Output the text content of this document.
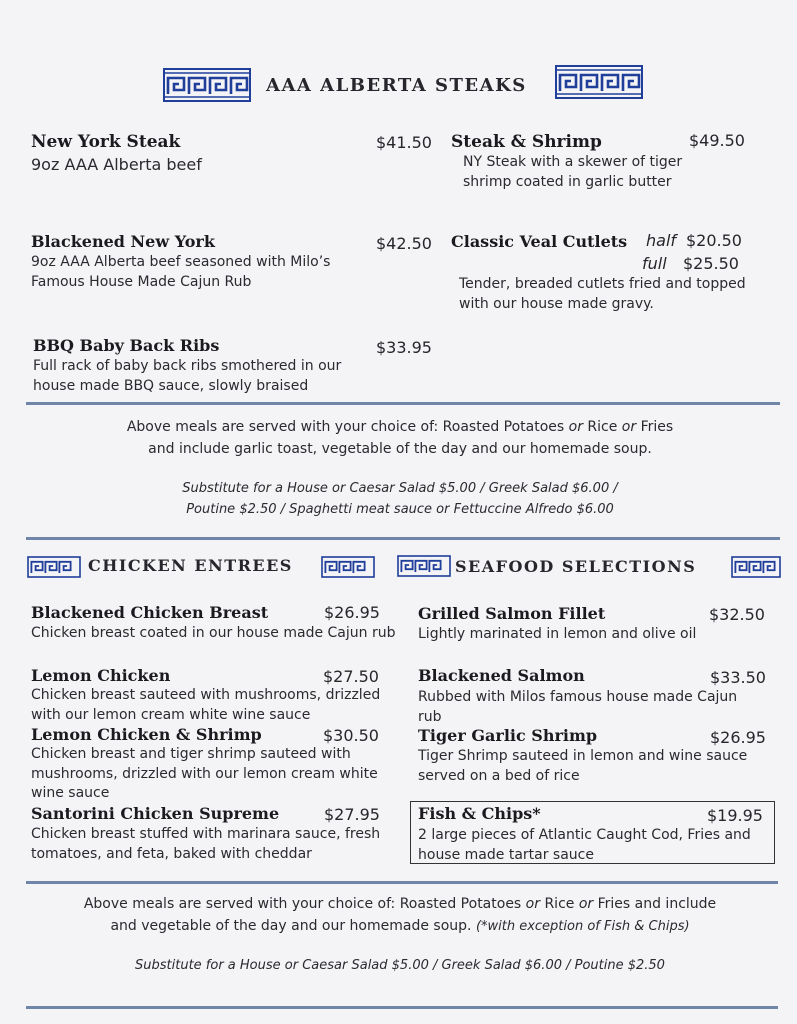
AAA ALBERTA STEAKS
New York Steak	$41.50
9oz AAA Alberta beef
Steak & Shrimp	$49.50
NY Steak with a skewer of tiger shrimp coated in garlic butter
Blackened New York	$42.50
9oz AAA Alberta beef seasoned with Milo’s Famous House Made Cajun Rub
Classic Veal Cutlets half $20.50
full $25.50
Tender, breaded cutlets fried and topped with our house made gravy.
BBQ Baby Back Ribs	$33.95
Full rack of baby back ribs smothered in our house made BBQ sauce, slowly braised
Above meals are served with your choice of: Roasted Potatoes or Rice or Fries
and include garlic toast, vegetable of the day and our homemade soup.
Substitute for a House or Caesar Salad $5.00 / Greek Salad $6.00 /
Poutine $2.50 / Spaghetti meat sauce or Fettuccine Alfredo $6.00
CHICKEN ENTREES	SEAFOOD SELECTIONS
Blackened Chicken Breast	$26.95
Chicken breast coated in our house made Cajun rub
Lemon Chicken	$27.50
Chicken breast sauteed with mushrooms, drizzled with our lemon cream white wine sauce
Lemon Chicken & Shrimp	$30.50
Chicken breast and tiger shrimp sauteed with mushrooms, drizzled with our lemon cream white wine sauce
Santorini Chicken Supreme	$27.95
Chicken breast stuffed with marinara sauce, fresh tomatoes, and feta, baked with cheddar
Grilled Salmon Fillet	$32.50
Lightly marinated in lemon and olive oil
Blackened Salmon	$33.50
Rubbed with Milos famous house made Cajun rub
Tiger Garlic Shrimp	$26.95
Tiger Shrimp sauteed in lemon and wine sauce served on a bed of rice
Fish & Chips*	$19.95
2 large pieces of Atlantic Caught Cod, Fries and house made tartar sauce
Above meals are served with your choice of: Roasted Potatoes or Rice or Fries and include
and vegetable of the day and our homemade soup. (*with exception of Fish & Chips)
Substitute for a House or Caesar Salad $5.00 / Greek Salad $6.00 / Poutine $2.50
